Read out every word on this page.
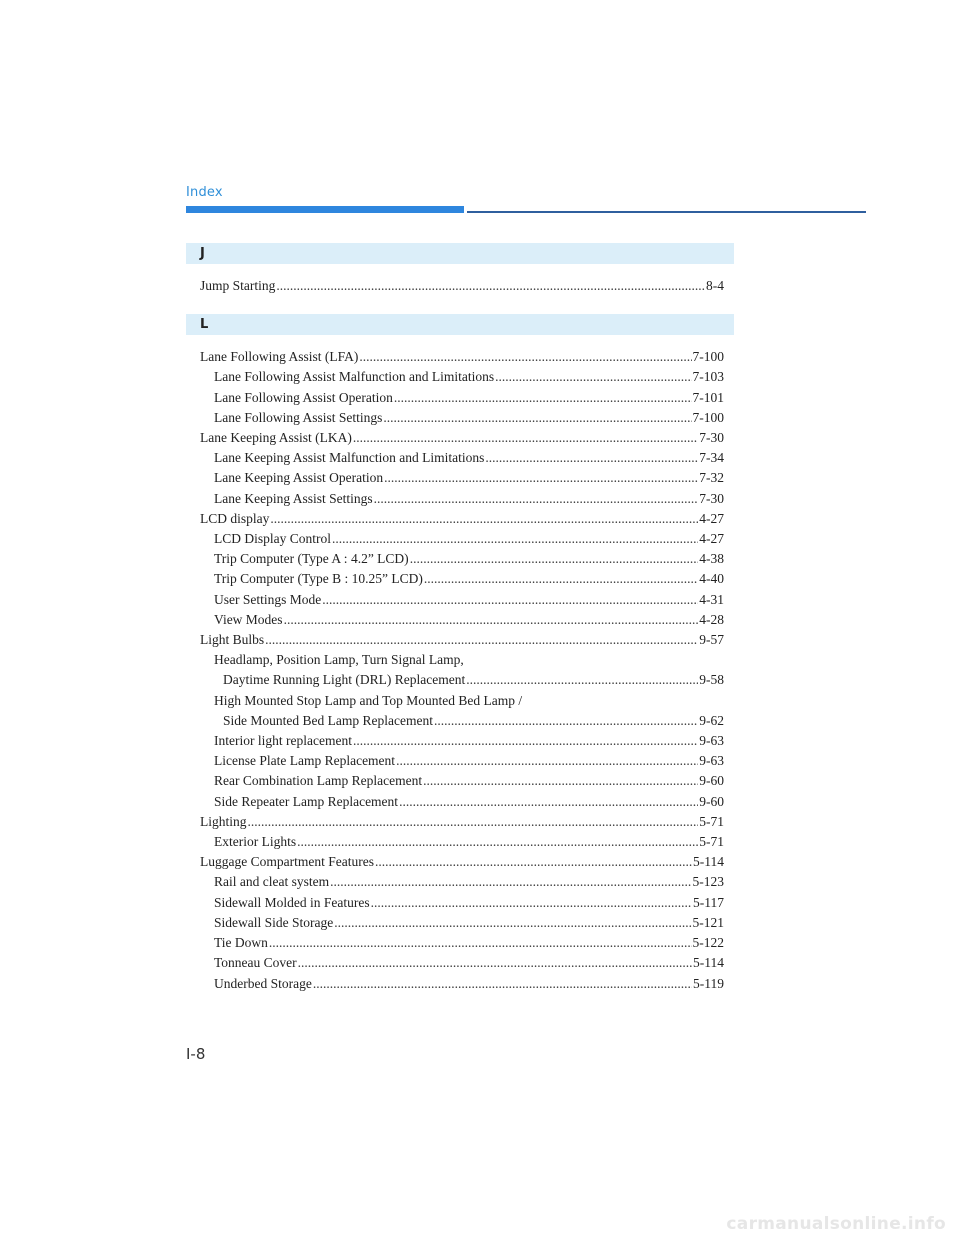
Index
J
Jump Starting .....	8-4
L
Lane Following Assist (LFA) .....	7-100
Lane Following Assist Malfunction and Limitations .....	7-103
Lane Following Assist Operation .....	7-101
Lane Following Assist Settings .....	7-100
Lane Keeping Assist (LKA) .....	7-30
Lane Keeping Assist Malfunction and Limitations .....	7-34
Lane Keeping Assist Operation .....	7-32
Lane Keeping Assist Settings .....	7-30
LCD display .....	4-27
LCD Display Control .....	4-27
Trip Computer (Type A : 4.2” LCD) .....	4-38
Trip Computer (Type B : 10.25” LCD) .....	4-40
User Settings Mode .....	4-31
View Modes .....	4-28
Light Bulbs .....	9-57
Headlamp, Position Lamp, Turn Signal Lamp,
Daytime Running Light (DRL) Replacement .....	9-58
High Mounted Stop Lamp and Top Mounted Bed Lamp /
Side Mounted Bed Lamp Replacement .....	9-62
Interior light replacement .....	9-63
License Plate Lamp Replacement .....	9-63
Rear Combination Lamp Replacement .....	9-60
Side Repeater Lamp Replacement .....	9-60
Lighting .....	5-71
Exterior Lights .....	5-71
Luggage Compartment Features .....	5-114
Rail and cleat system .....	5-123
Sidewall Molded in Features .....	5-117
Sidewall Side Storage .....	5-121
Tie Down .....	5-122
Tonneau Cover .....	5-114
Underbed Storage .....	5-119
I-8
carmanualsonline.info
